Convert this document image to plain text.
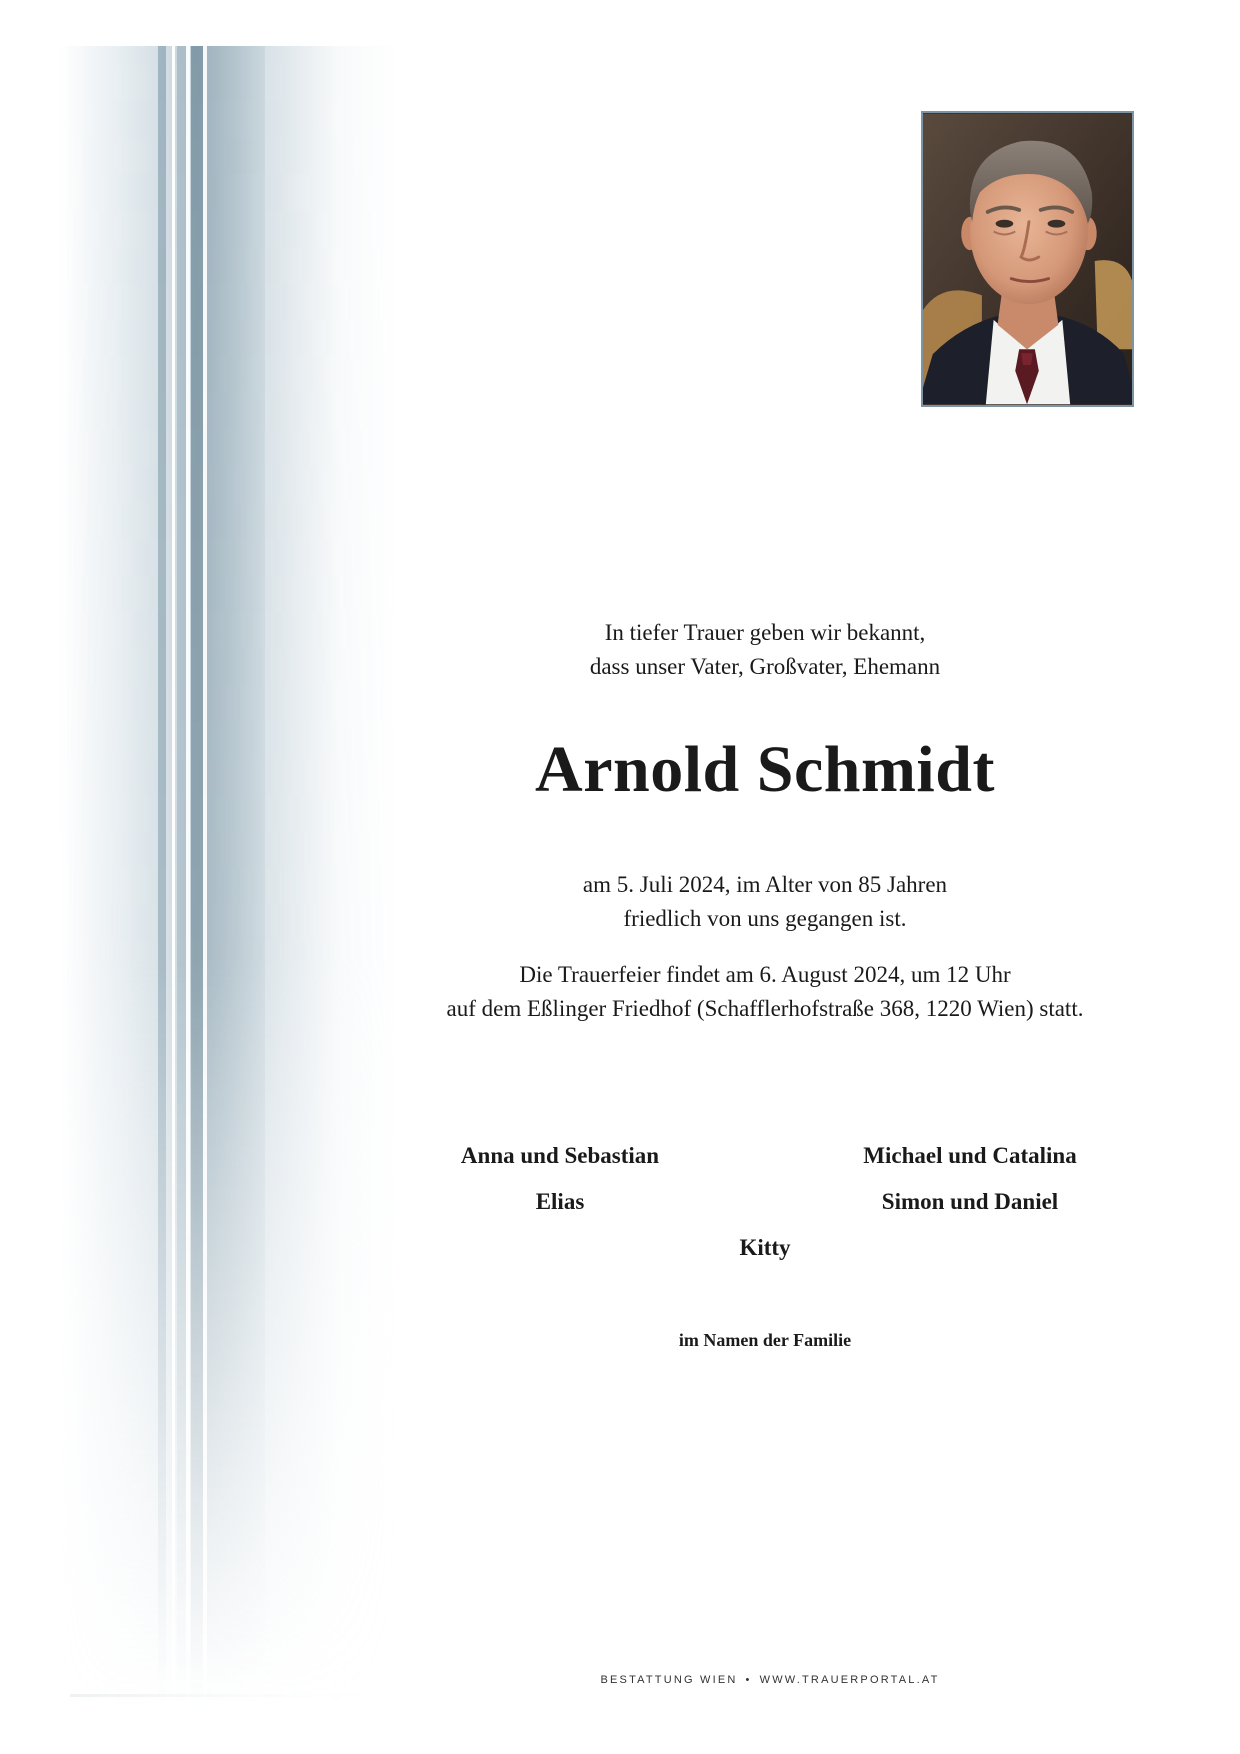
In tiefer Trauer geben wir bekannt,
dass unser Vater, Großvater, Ehemann
Arnold Schmidt
am 5. Juli 2024, im Alter von 85 Jahren
friedlich von uns gegangen ist.
Die Trauerfeier findet am 6. August 2024, um 12 Uhr
auf dem Eßlinger Friedhof (Schafflerhofstraße 368, 1220 Wien) statt.
Anna und Sebastian	Michael und Catalina
Elias	Simon und Daniel
Kitty
im Namen der Familie
BESTATTUNG WIEN • WWW.TRAUERPORTAL.AT
